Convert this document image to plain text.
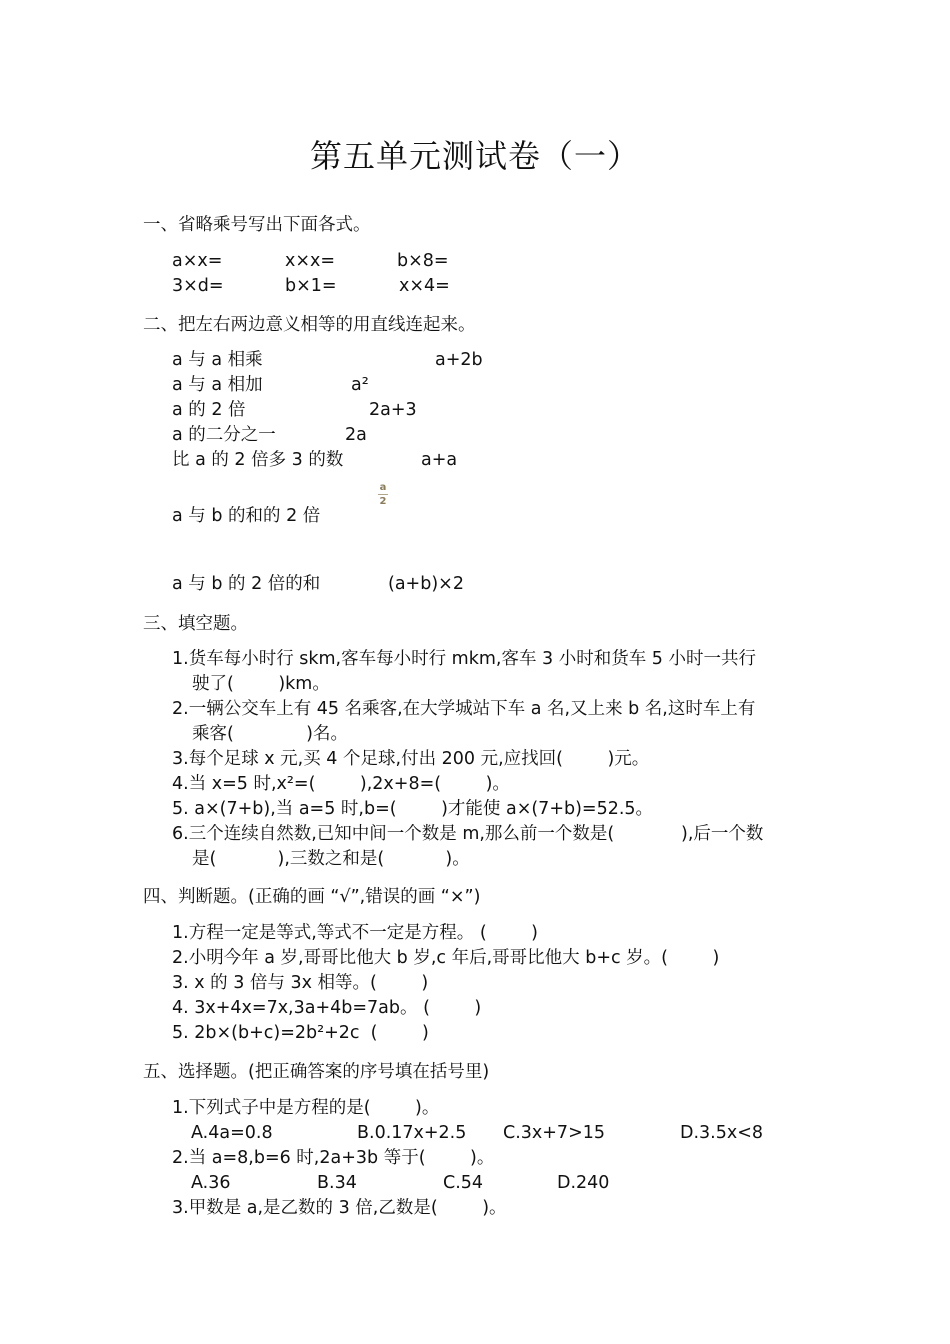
第五单元测试卷（一）
一、省略乘号写出下面各式。
a×x=	x×x=	b×8=
3×d=	b×1=	x×4=
二、把左右两边意义相等的用直线连起来。
a 与 a 相乘	a+2b
a 与 a 相加	a²
a 的 2 倍	2a+3
a 的二分之一	2a
比 a 的 2 倍多 3 的数	a+a
a
2
a 与 b 的和的 2 倍
a 与 b 的 2 倍的和	(a+b)×2
三、填空题。
1.货车每小时行 skm,客车每小时行 mkm,客车 3 小时和货车 5 小时一共行
驶了(        )km。
2.一辆公交车上有 45 名乘客,在大学城站下车 a 名,又上来 b 名,这时车上有
乘客(             )名。
3.每个足球 x 元,买 4 个足球,付出 200 元,应找回(        )元。
4.当 x=5 时,x²=(        ),2x+8=(        )。
5. a×(7+b),当 a=5 时,b=(        )才能使 a×(7+b)=52.5。
6.三个连续自然数,已知中间一个数是 m,那么前一个数是(            ),后一个数
是(           ),三数之和是(           )。
四、判断题。(正确的画 “√”,错误的画 “×”)
1.方程一定是等式,等式不一定是方程。 (        )
2.小明今年 a 岁,哥哥比他大 b 岁,c 年后,哥哥比他大 b+c 岁。(        )
3. x 的 3 倍与 3x 相等。(        )
4. 3x+4x=7x,3a+4b=7ab。 (        )
5. 2b×(b+c)=2b²+2c  (        )
五、选择题。(把正确答案的序号填在括号里)
1.下列式子中是方程的是(        )。
A.4a=0.8	B.0.17x+2.5 C.3x+7>15	D.3.5x<8
2.当 a=8,b=6 时,2a+3b 等于(        )。
A.36	B.34	C.54	D.240
3.甲数是 a,是乙数的 3 倍,乙数是(        )。
